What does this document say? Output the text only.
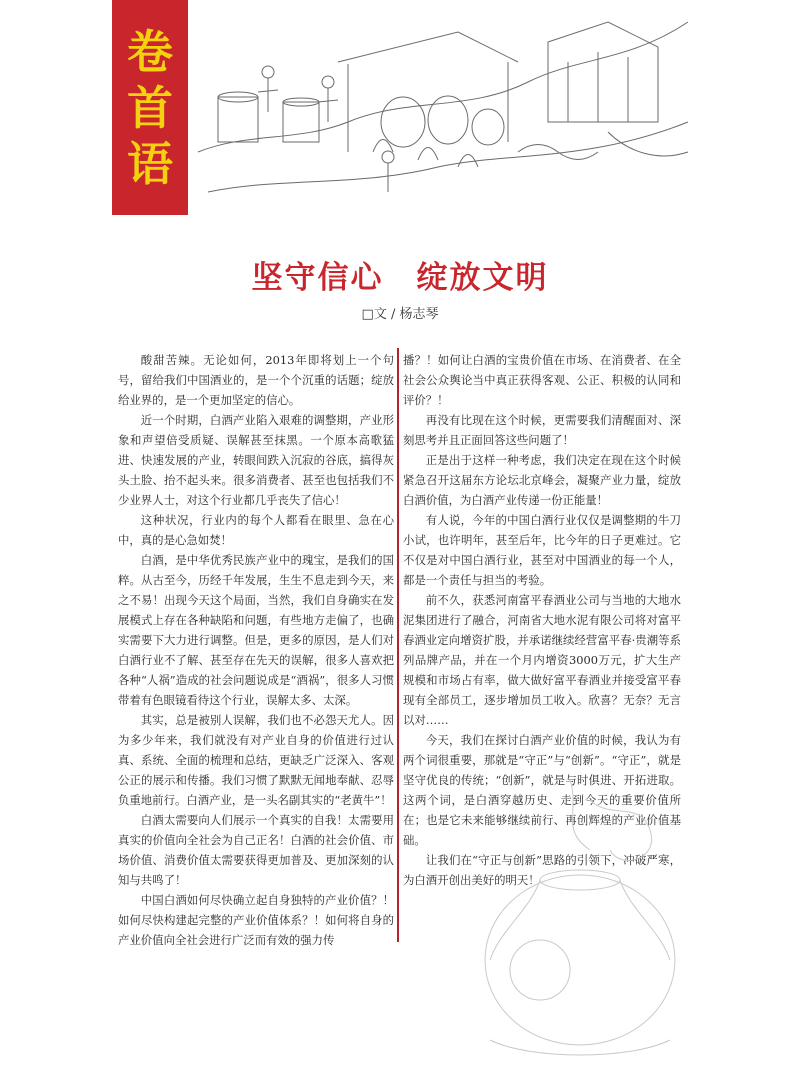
卷
首
语
坚守信心　绽放文明
□文 / 杨志琴

酸甜苦辣。无论如何，2013年即将划上一个句号，留给我们中国酒业的，是一个个沉重的话题；绽放给业界的，是一个更加坚定的信心。

近一个时期，白酒产业陷入艰难的调整期，产业形象和声望倍受质疑、误解甚至抹黑。一个原本高歌猛进、快速发展的产业，转眼间跌入沉寂的谷底，搞得灰头土脸、抬不起头来。很多消费者、甚至也包括我们不少业界人士，对这个行业都几乎丧失了信心！

这种状况，行业内的每个人都看在眼里、急在心中，真的是心急如焚！

白酒，是中华优秀民族产业中的瑰宝，是我们的国粹。从古至今，历经千年发展，生生不息走到今天，来之不易！出现今天这个局面，当然，我们自身确实在发展模式上存在各种缺陷和问题，有些地方走偏了，也确实需要下大力进行调整。但是，更多的原因，是人们对白酒行业不了解、甚至存在先天的误解，很多人喜欢把各种“人祸”造成的社会问题说成是“酒祸”，很多人习惯带着有色眼镜看待这个行业，误解太多、太深。

其实，总是被别人误解，我们也不必怨天尤人。因为多少年来，我们就没有对产业自身的价值进行过认真、系统、全面的梳理和总结，更缺乏广泛深入、客观公正的展示和传播。我们习惯了默默无闻地奉献、忍辱负重地前行。白酒产业，是一头名副其实的“老黄牛”！

白酒太需要向人们展示一个真实的自我！太需要用真实的价值向全社会为自己正名！白酒的社会价值、市场价值、消费价值太需要获得更加普及、更加深刻的认知与共鸣了！

中国白酒如何尽快确立起自身独特的产业价值？！如何尽快构建起完整的产业价值体系？！如何将自身的产业价值向全社会进行广泛而有效的强力传

播？！如何让白酒的宝贵价值在市场、在消费者、在全社会公众舆论当中真正获得客观、公正、积极的认同和评价？！

再没有比现在这个时候，更需要我们清醒面对、深刻思考并且正面回答这些问题了！

正是出于这样一种考虑，我们决定在现在这个时候紧急召开这届东方论坛北京峰会，凝聚产业力量，绽放白酒价值，为白酒产业传递一份正能量！

有人说，今年的中国白酒行业仅仅是调整期的牛刀小试，也许明年，甚至后年，比今年的日子更难过。它不仅是对中国白酒行业，甚至对中国酒业的每一个人，都是一个责任与担当的考验。

前不久，获悉河南富平春酒业公司与当地的大地水泥集团进行了融合，河南省大地水泥有限公司将对富平春酒业定向增资扩股，并承诺继续经营富平春·贵潮等系列品牌产品，并在一个月内增资3000万元，扩大生产规模和市场占有率，做大做好富平春酒业并接受富平春现有全部员工，逐步增加员工收入。欣喜？无奈？无言以对……

今天，我们在探讨白酒产业价值的时候，我认为有两个词很重要，那就是“守正”与“创新”。“守正”，就是坚守优良的传统；“创新”，就是与时俱进、开拓进取。这两个词，是白酒穿越历史、走到今天的重要价值所在；也是它未来能够继续前行、再创辉煌的产业价值基础。

让我们在“守正与创新”思路的引领下，冲破严寒，为白酒开创出美好的明天！
